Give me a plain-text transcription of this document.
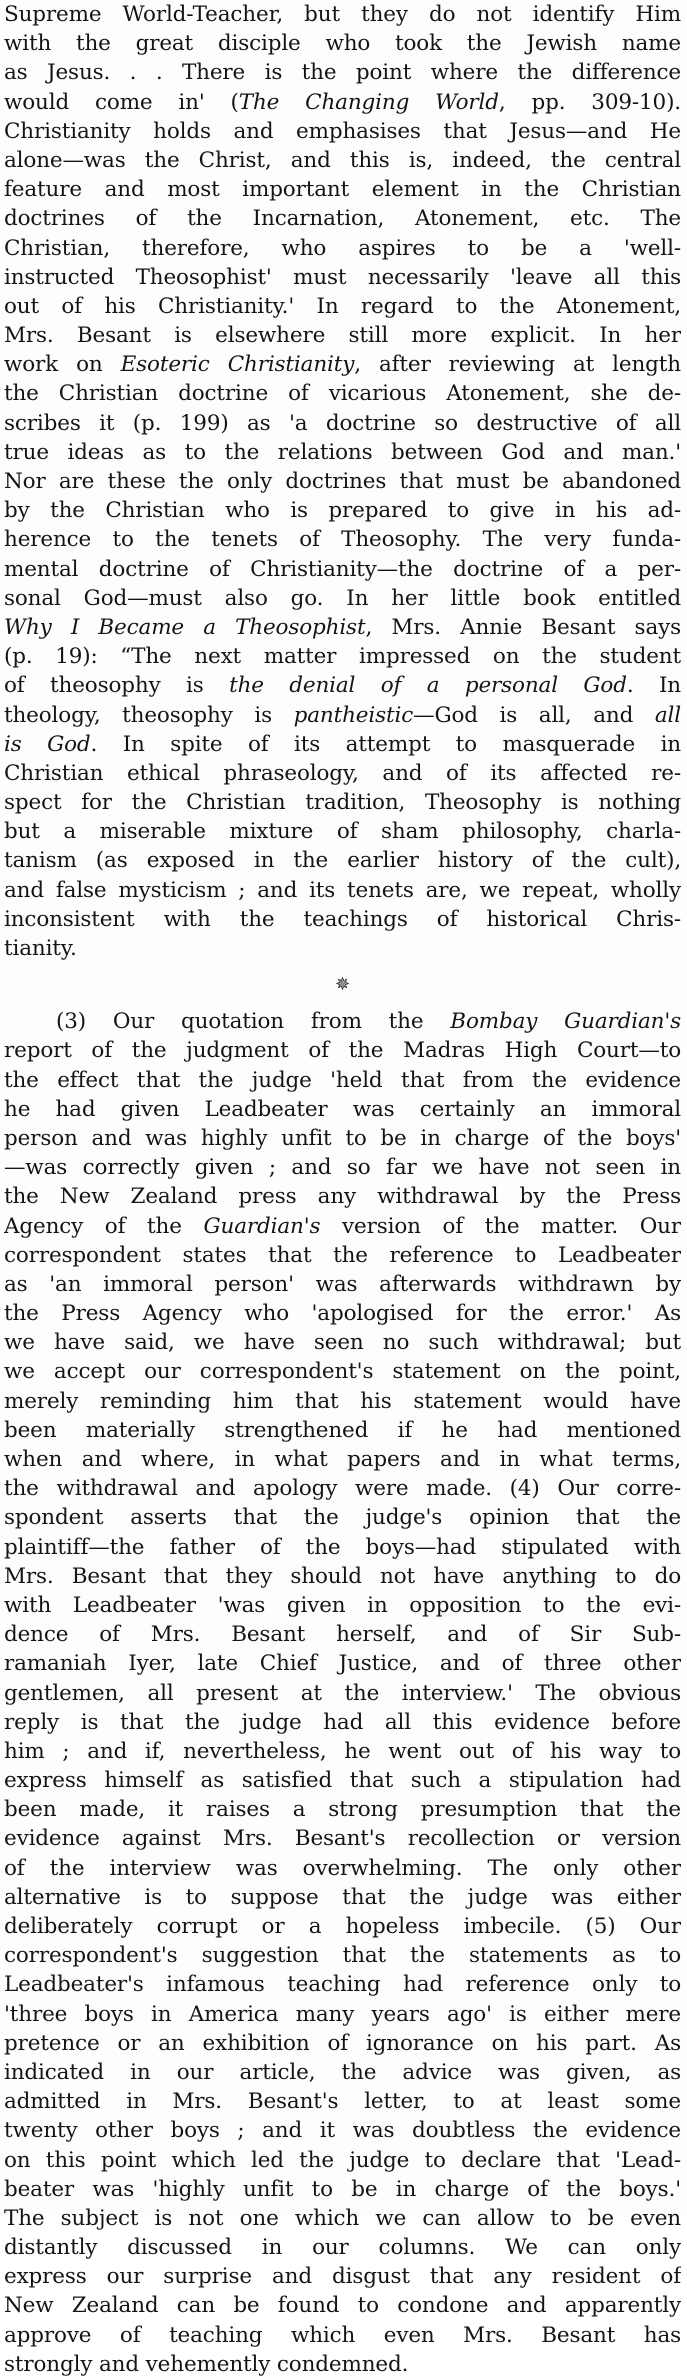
Supreme World-Teacher, but they do not identify Him
with the great disciple who took the Jewish name
as Jesus. . . There is the point where the difference
would come in' (The Changing World, pp. 309-10).
Christianity holds and emphasises that Jesus—and He
alone—was the Christ, and this is, indeed, the central
feature and most important element in the Christian
doctrines of the Incarnation, Atonement, etc. The
Christian, therefore, who aspires to be a 'well-
instructed Theosophist' must necessarily 'leave all this
out of his Christianity.' In regard to the Atonement,
Mrs. Besant is elsewhere still more explicit. In her
work on Esoteric Christianity, after reviewing at length
the Christian doctrine of vicarious Atonement, she de-
scribes it (p. 199) as 'a doctrine so destructive of all
true ideas as to the relations between God and man.'
Nor are these the only doctrines that must be abandoned
by the Christian who is prepared to give in his ad-
herence to the tenets of Theosophy. The very funda-
mental doctrine of Christianity—the doctrine of a per-
sonal God—must also go. In her little book entitled
Why I Became a Theosophist, Mrs. Annie Besant says
(p. 19): “The next matter impressed on the student
of theosophy is the denial of a personal God. In
theology, theosophy is pantheistic—God is all, and all
is God. In spite of its attempt to masquerade in
Christian ethical phraseology, and of its affected re-
spect for the Christian tradition, Theosophy is nothing
but a miserable mixture of sham philosophy, charla-
tanism (as exposed in the earlier history of the cult),
and false mysticism ; and its tenets are, we repeat, wholly
inconsistent with the teachings of historical Chris-
tianity.
✵
(3) Our quotation from the Bombay Guardian's
report of the judgment of the Madras High Court—to
the effect that the judge 'held that from the evidence
he had given Leadbeater was certainly an immoral
person and was highly unfit to be in charge of the boys'
—was correctly given ; and so far we have not seen in
the New Zealand press any withdrawal by the Press
Agency of the Guardian's version of the matter. Our
correspondent states that the reference to Leadbeater
as 'an immoral person' was afterwards withdrawn by
the Press Agency who 'apologised for the error.' As
we have said, we have seen no such withdrawal; but
we accept our correspondent's statement on the point,
merely reminding him that his statement would have
been materially strengthened if he had mentioned
when and where, in what papers and in what terms,
the withdrawal and apology were made. (4) Our corre-
spondent asserts that the judge's opinion that the
plaintiff—the father of the boys—had stipulated with
Mrs. Besant that they should not have anything to do
with Leadbeater 'was given in opposition to the evi-
dence of Mrs. Besant herself, and of Sir Sub-
ramaniah Iyer, late Chief Justice, and of three other
gentlemen, all present at the interview.' The obvious
reply is that the judge had all this evidence before
him ; and if, nevertheless, he went out of his way to
express himself as satisfied that such a stipulation had
been made, it raises a strong presumption that the
evidence against Mrs. Besant's recollection or version
of the interview was overwhelming. The only other
alternative is to suppose that the judge was either
deliberately corrupt or a hopeless imbecile. (5) Our
correspondent's suggestion that the statements as to
Leadbeater's infamous teaching had reference only to
'three boys in America many years ago' is either mere
pretence or an exhibition of ignorance on his part. As
indicated in our article, the advice was given, as
admitted in Mrs. Besant's letter, to at least some
twenty other boys ; and it was doubtless the evidence
on this point which led the judge to declare that 'Lead-
beater was 'highly unfit to be in charge of the boys.'
The subject is not one which we can allow to be even
distantly discussed in our columns. We can only
express our surprise and disgust that any resident of
New Zealand can be found to condone and apparently
approve of teaching which even Mrs. Besant has
strongly and vehemently condemned.
